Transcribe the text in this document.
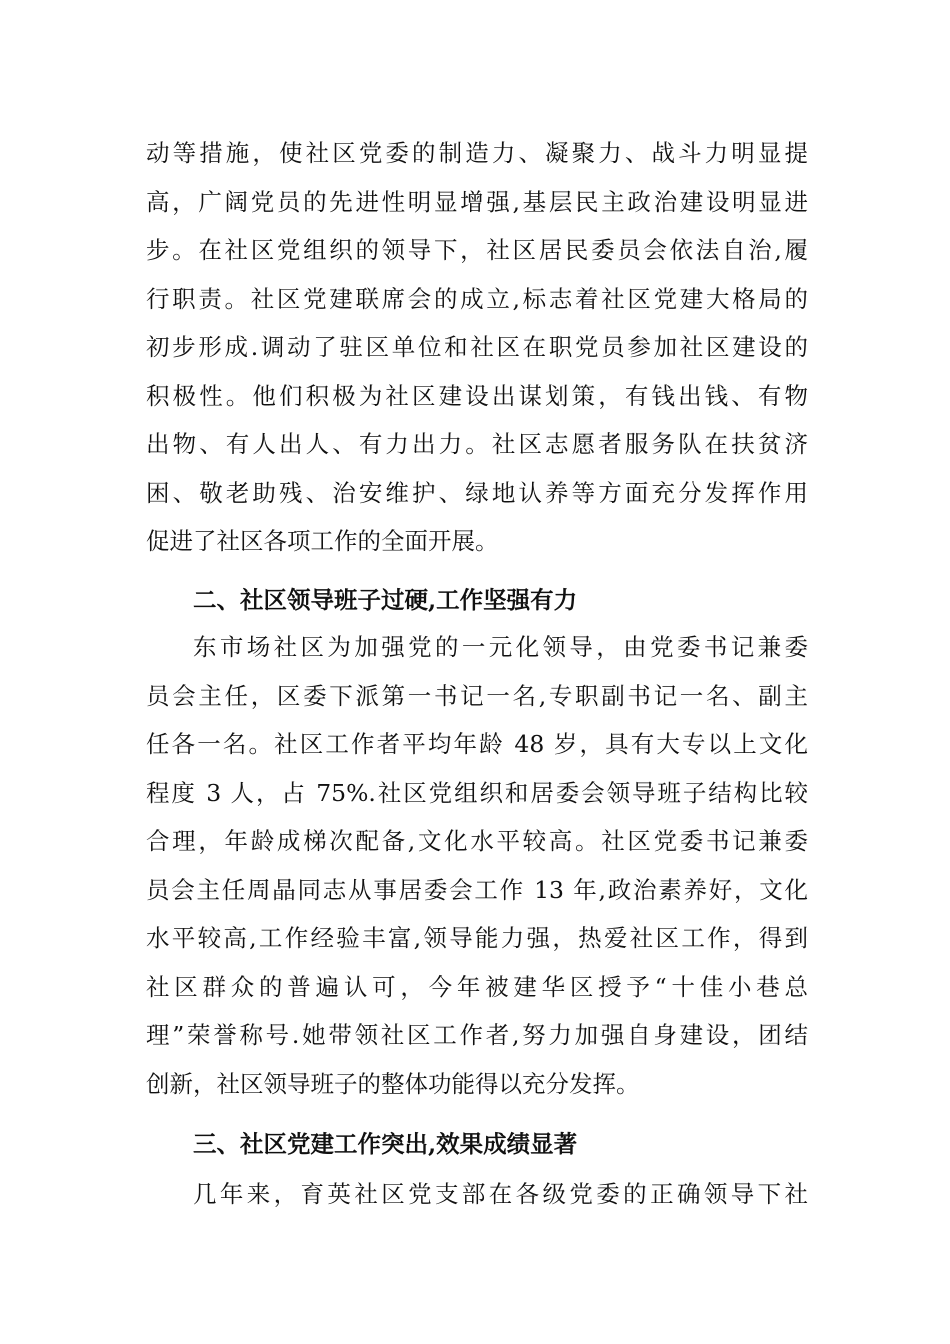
动等措施，使社区党委的制造力、凝聚力、战斗力明显提
高，广阔党员的先进性明显增强,基层民主政治建设明显进
步。在社区党组织的领导下，社区居民委员会依法自治,履
行职责。社区党建联席会的成立,标志着社区党建大格局的
初步形成.调动了驻区单位和社区在职党员参加社区建设的
积极性。他们积极为社区建设出谋划策，有钱出钱、有物
出物、有人出人、有力出力。社区志愿者服务队在扶贫济
困、敬老助残、治安维护、绿地认养等方面充分发挥作用
促进了社区各项工作的全面开展。
二、社区领导班子过硬,工作坚强有力
东市场社区为加强党的一元化领导，由党委书记兼委
员会主任，区委下派第一书记一名,专职副书记一名、副主
任各一名。社区工作者平均年龄 48 岁，具有大专以上文化
程度 3 人，占 75%.社区党组织和居委会领导班子结构比较
合理，年龄成梯次配备,文化水平较高。社区党委书记兼委
员会主任周晶同志从事居委会工作 13 年,政治素养好，文化
水平较高,工作经验丰富,领导能力强，热爱社区工作，得到
社区群众的普遍认可，今年被建华区授予“十佳小巷总
理”荣誉称号.她带领社区工作者,努力加强自身建设，团结
创新，社区领导班子的整体功能得以充分发挥。
三、社区党建工作突出,效果成绩显著
几年来，育英社区党支部在各级党委的正确领导下社
